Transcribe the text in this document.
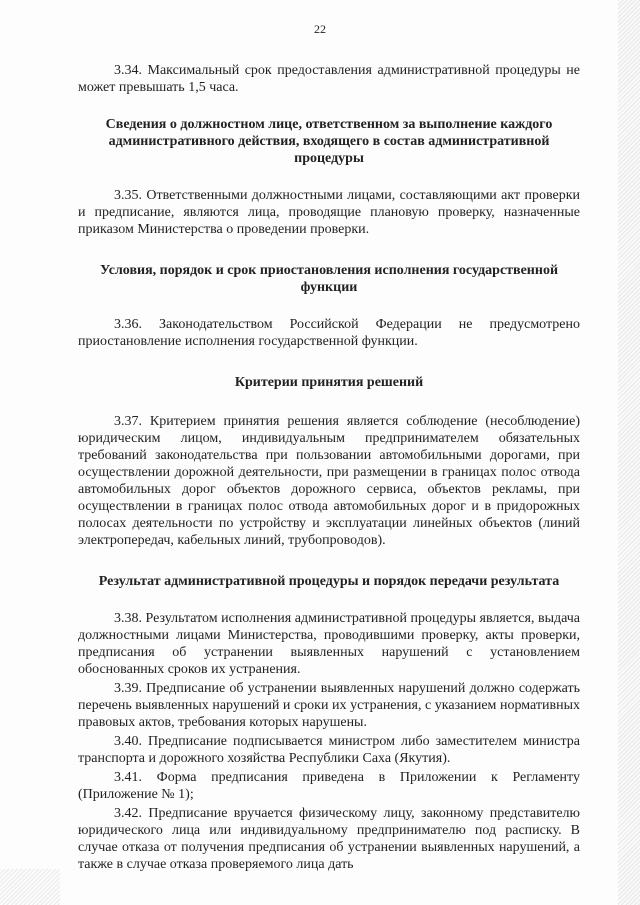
22

3.34. Максимальный срок предоставления административной процедуры не может превышать 1,5 часа.

Сведения о должностном лице, ответственном за выполнение каждого административного действия, входящего в состав административной процедуры

3.35. Ответственными должностными лицами, составляющими акт проверки и предписание, являются лица, проводящие плановую проверку, назначенные приказом Министерства о проведении проверки.

Условия, порядок и срок приостановления исполнения государственной функции

3.36. Законодательством Российской Федерации не предусмотрено приостановление исполнения государственной функции.

Критерии принятия решений

3.37. Критерием принятия решения является соблюдение (несоблюдение) юридическим лицом, индивидуальным предпринимателем обязательных требований законодательства при пользовании автомобильными дорогами, при осуществлении дорожной деятельности, при размещении в границах полос отвода автомобильных дорог объектов дорожного сервиса, объектов рекламы, при осуществлении в границах полос отвода автомобильных дорог и в придорожных полосах деятельности по устройству и эксплуатации линейных объектов (линий электропередач, кабельных линий, трубопроводов).

Результат административной процедуры и порядок передачи результата

3.38. Результатом исполнения административной процедуры является, выдача должностными лицами Министерства, проводившими проверку, акты проверки, предписания об устранении выявленных нарушений с установлением обоснованных сроков их устранения.

3.39. Предписание об устранении выявленных нарушений должно содержать перечень выявленных нарушений и сроки их устранения, с указанием нормативных правовых актов, требования которых нарушены.

3.40. Предписание подписывается министром либо заместителем министра транспорта и дорожного хозяйства Республики Саха (Якутия).

3.41. Форма предписания приведена в Приложении к Регламенту (Приложение № 1);

3.42. Предписание вручается физическому лицу, законному представителю юридического лица или индивидуальному предпринимателю под расписку. В случае отказа от получения предписания об устранении выявленных нарушений, а также в случае отказа проверяемого лица дать
